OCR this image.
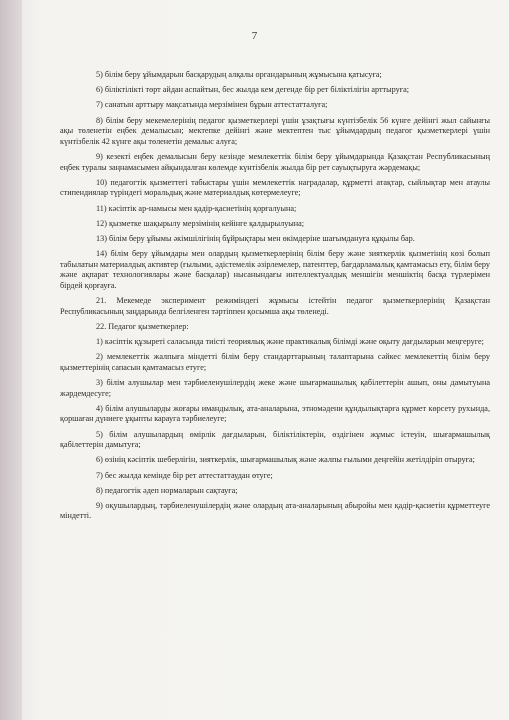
7

5) білім беру ұйымдарын басқарудың алқалы органдарының жұмысына қатысуға;

6) біліктілікті төрт айдан аспайтын, бес жылда кем дегенде бір рет біліктілігін арттыруға;

7) санатын арттыру мақсатында мерзімінен бұрын аттестатталуға;

8) білім беру мекемелерінің педагог қызметкерлері үшін ұзақтығы күнтізбелік 56 күнге дейінгі жыл сайынғы ақы төленетін еңбек демалысын; мектепке дейінгі және мектептен тыс ұйымдардың педагог қызметкерлері үшін күнтізбелік 42 күнге ақы төленетін демалыс алуға;

9) кезекті еңбек демалысын беру кезінде мемлекеттік білім беру ұйымдарында Қазақстан Республикасының еңбек туралы заңнамасымен айқындалған көлемде күнтізбелік жылда бір рет сауықтыруға жәрдемақы;

10) педагогтік қызметтегі табыстары үшін мемлекеттік наградалар, құрметті атақтар, сыйлықтар мен атаулы стипендиялар түріндегі моральдық және материалдық көтермелеуге;

11) кәсіптік ар-намысы мен қадір-қасиетінің қорғалуына;

12) қызметке шақырылу мерзімінің кейінге қалдырылуына;

13) білім беру ұйымы әкімшілігінің бұйрықтары мен өкімдеріне шағымдануға құқылы бар.

14) білім беру ұйымдары мен олардың қызметкерлерінің білім беру және зияткерлік қызметінің көзі болып табылатын материалдық активтер (ғылыми, әдістемелік әзірлемелер, патенттер, бағдарламалық қамтамасыз ету, білім беру және ақпарат технологиялары және басқалар) нысанындағы интеллектуалдық меншігін меншіктің басқа түрлерімен бірдей қорғауға.

21. Мекемеде эксперимент режиміндегі жұмысы істейтін педагог қызметкерлерінің Қазақстан Республикасының заңдарында белгіленген тәртіппен қосымша ақы төленеді.

22. Педагог қызметкерлер:

1) кәсіптік құзыреті саласында тиісті теориялық және практикалық білімді және оқыту дағдыларын меңгеруге;

2) мемлекеттік жалпыға міндетті білім беру стандарттарының талаптарына сәйкес мемлекеттің білім беру қызметтерінің сапасын қамтамасыз етуге;

3) білім алушылар мен тәрбиеленушілердің жеке және шығармашылық қабілеттерін ашып, оны дамытуына жәрдемдесуге;

4) білім алушыларды жоғары имандылық, ата-аналарына, этномәдени құндылықтарға құрмет көрсету рухында, қоршаған дүниеге ұқыпты карауга тәрбиелеуге;

5) білім алушылардың өмірлік дағдыларын, біліктіліктерін, өздігінен жұмыс істеуін, шығармашылық қабілеттерін дамытуға;

6) өзінің кәсіптік шеберлігін, зияткерлік, шығармашылық және жалпы ғылыми деңгейін жетілдіріп отыруға;

7) бес жылда кемінде бір рет аттестаттаудан өтуге;

8) педагогтік әдеп нормаларын сақтауға;

9) оқушылардың, тәрбиеленушілердің және олардың ата-аналарының абыройы мен қадір-қасиетін құрметтеуге міндетті.
